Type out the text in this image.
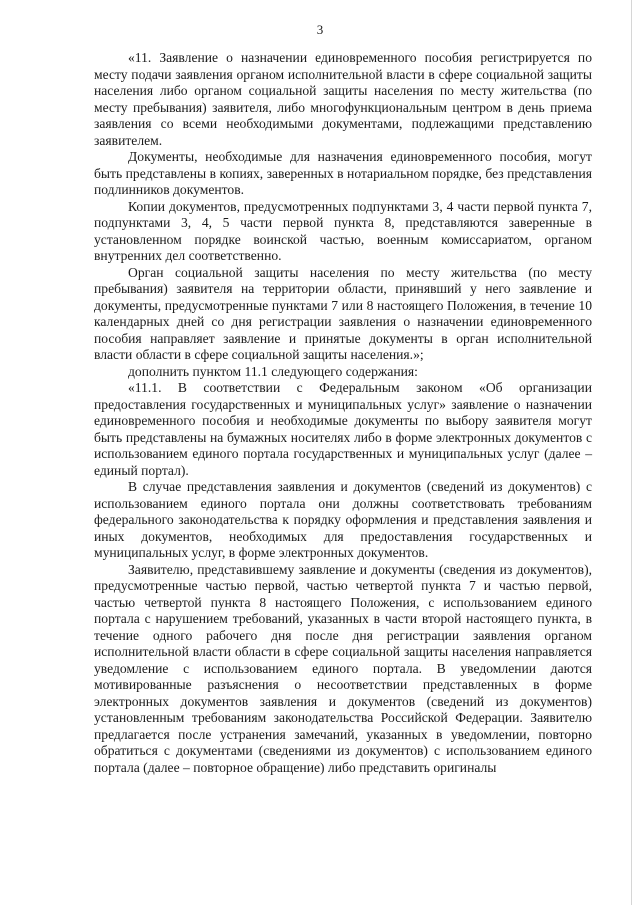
3

«11. Заявление о назначении единовременного пособия регистрируется по месту подачи заявления органом исполнительной власти в сфере социальной защиты населения либо органом социальной защиты населения по месту жительства (по месту пребывания) заявителя, либо многофункциональным центром в день приема заявления со всеми необходимыми документами, подлежащими представлению заявителем.

Документы, необходимые для назначения единовременного пособия, могут быть представлены в копиях, заверенных в нотариальном порядке, без представления подлинников документов.

Копии документов, предусмотренных подпунктами 3, 4 части первой пункта 7, подпунктами 3, 4, 5 части первой пункта 8, представляются заверенные в установленном порядке воинской частью, военным комиссариатом, органом внутренних дел соответственно.

Орган социальной защиты населения по месту жительства (по месту пребывания) заявителя на территории области, принявший у него заявление и документы, предусмотренные пунктами 7 или 8 настоящего Положения, в течение 10 календарных дней со дня регистрации заявления о назначении единовременного пособия направляет заявление и принятые документы в орган исполнительной власти области в сфере социальной защиты населения.»;

дополнить пунктом 11.1 следующего содержания:

«11.1. В соответствии с Федеральным законом «Об организации предоставления государственных и муниципальных услуг» заявление о назначении единовременного пособия и необходимые документы по выбору заявителя могут быть представлены на бумажных носителях либо в форме электронных документов с использованием единого портала государственных и муниципальных услуг (далее – единый портал).

В случае представления заявления и документов (сведений из документов) с использованием единого портала они должны соответствовать требованиям федерального законодательства к порядку оформления и представления заявления и иных документов, необходимых для предоставления государственных и муниципальных услуг, в форме электронных документов.

Заявителю, представившему заявление и документы (сведения из документов), предусмотренные частью первой, частью четвертой пункта 7 и частью первой, частью четвертой пункта 8 настоящего Положения, с использованием единого портала с нарушением требований, указанных в части второй настоящего пункта, в течение одного рабочего дня после дня регистрации заявления органом исполнительной власти области в сфере социальной защиты населения направляется уведомление с использованием единого портала. В уведомлении даются мотивированные разъяснения о несоответствии представленных в форме электронных документов заявления и документов (сведений из документов) установленным требованиям законодательства Российской Федерации. Заявителю предлагается после устранения замечаний, указанных в уведомлении, повторно обратиться с документами (сведениями из документов) с использованием единого портала (далее – повторное обращение) либо представить оригиналы
